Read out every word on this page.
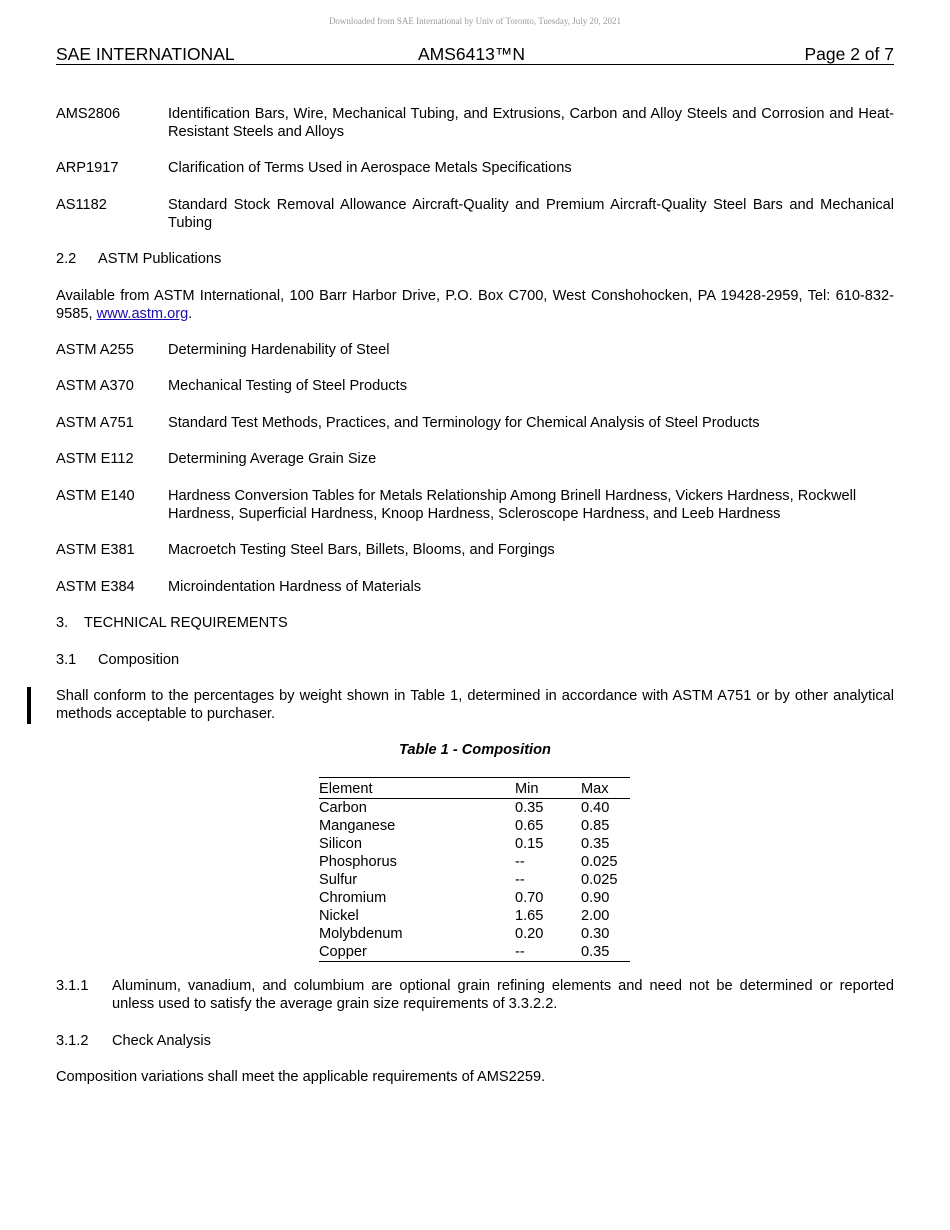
Downloaded from SAE International by Univ of Toronto, Tuesday, July 20, 2021
SAE INTERNATIONAL	AMS6413™N	Page 2 of 7
AMS2806	Identification Bars, Wire, Mechanical Tubing, and Extrusions, Carbon and Alloy Steels and Corrosion and Heat-Resistant Steels and Alloys
ARP1917	Clarification of Terms Used in Aerospace Metals Specifications
AS1182	Standard Stock Removal Allowance Aircraft-Quality and Premium Aircraft-Quality Steel Bars and Mechanical Tubing
2.2 ASTM Publications
Available from ASTM International, 100 Barr Harbor Drive, P.O. Box C700, West Conshohocken, PA 19428-2959, Tel: 610-832-9585, www.astm.org.
ASTM A255	Determining Hardenability of Steel
ASTM A370	Mechanical Testing of Steel Products
ASTM A751	Standard Test Methods, Practices, and Terminology for Chemical Analysis of Steel Products
ASTM E112	Determining Average Grain Size
ASTM E140	Hardness Conversion Tables for Metals Relationship Among Brinell Hardness, Vickers Hardness, Rockwell Hardness, Superficial Hardness, Knoop Hardness, Scleroscope Hardness, and Leeb Hardness
ASTM E381	Macroetch Testing Steel Bars, Billets, Blooms, and Forgings
ASTM E384	Microindentation Hardness of Materials
3. TECHNICAL REQUIREMENTS
3.1 Composition
Shall conform to the percentages by weight shown in Table 1, determined in accordance with ASTM A751 or by other analytical methods acceptable to purchaser.
Table 1 - Composition
Element	Min	Max
Carbon	0.35	0.40
Manganese	0.65	0.85
Silicon	0.15	0.35
Phosphorus	--	0.025
Sulfur	--	0.025
Chromium	0.70	0.90
Nickel	1.65	2.00
Molybdenum	0.20	0.30
Copper	--	0.35
3.1.1	Aluminum, vanadium, and columbium are optional grain refining elements and need not be determined or reported unless used to satisfy the average grain size requirements of 3.3.2.2.
3.1.2	Check Analysis
Composition variations shall meet the applicable requirements of AMS2259.
